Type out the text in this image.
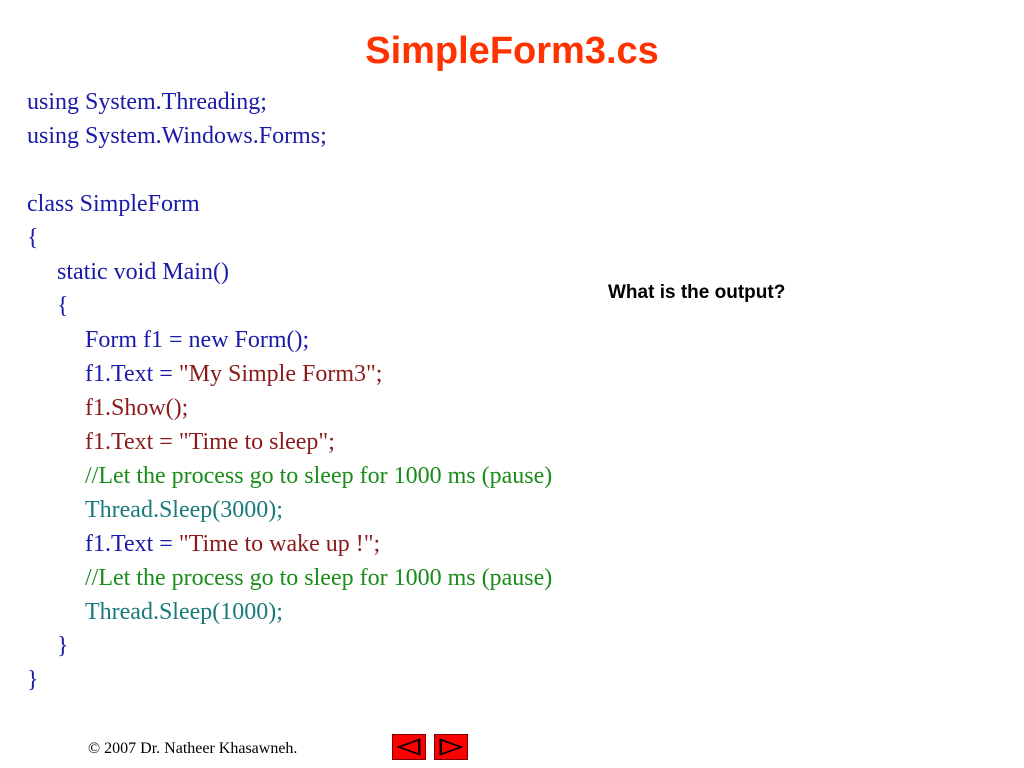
SimpleForm3.cs
using System.Threading;
using System.Windows.Forms;
class SimpleForm
{
static void Main()
{
Form f1 = new Form();
f1.Text = "My Simple Form3";
f1.Show();
f1.Text = "Time to sleep";
//Let the process go to sleep for 1000 ms (pause)
Thread.Sleep(3000);
f1.Text = "Time to wake up !";
//Let the process go to sleep for 1000 ms (pause)
Thread.Sleep(1000);
}
}
What is the output?
© 2007 Dr. Natheer Khasawneh.
